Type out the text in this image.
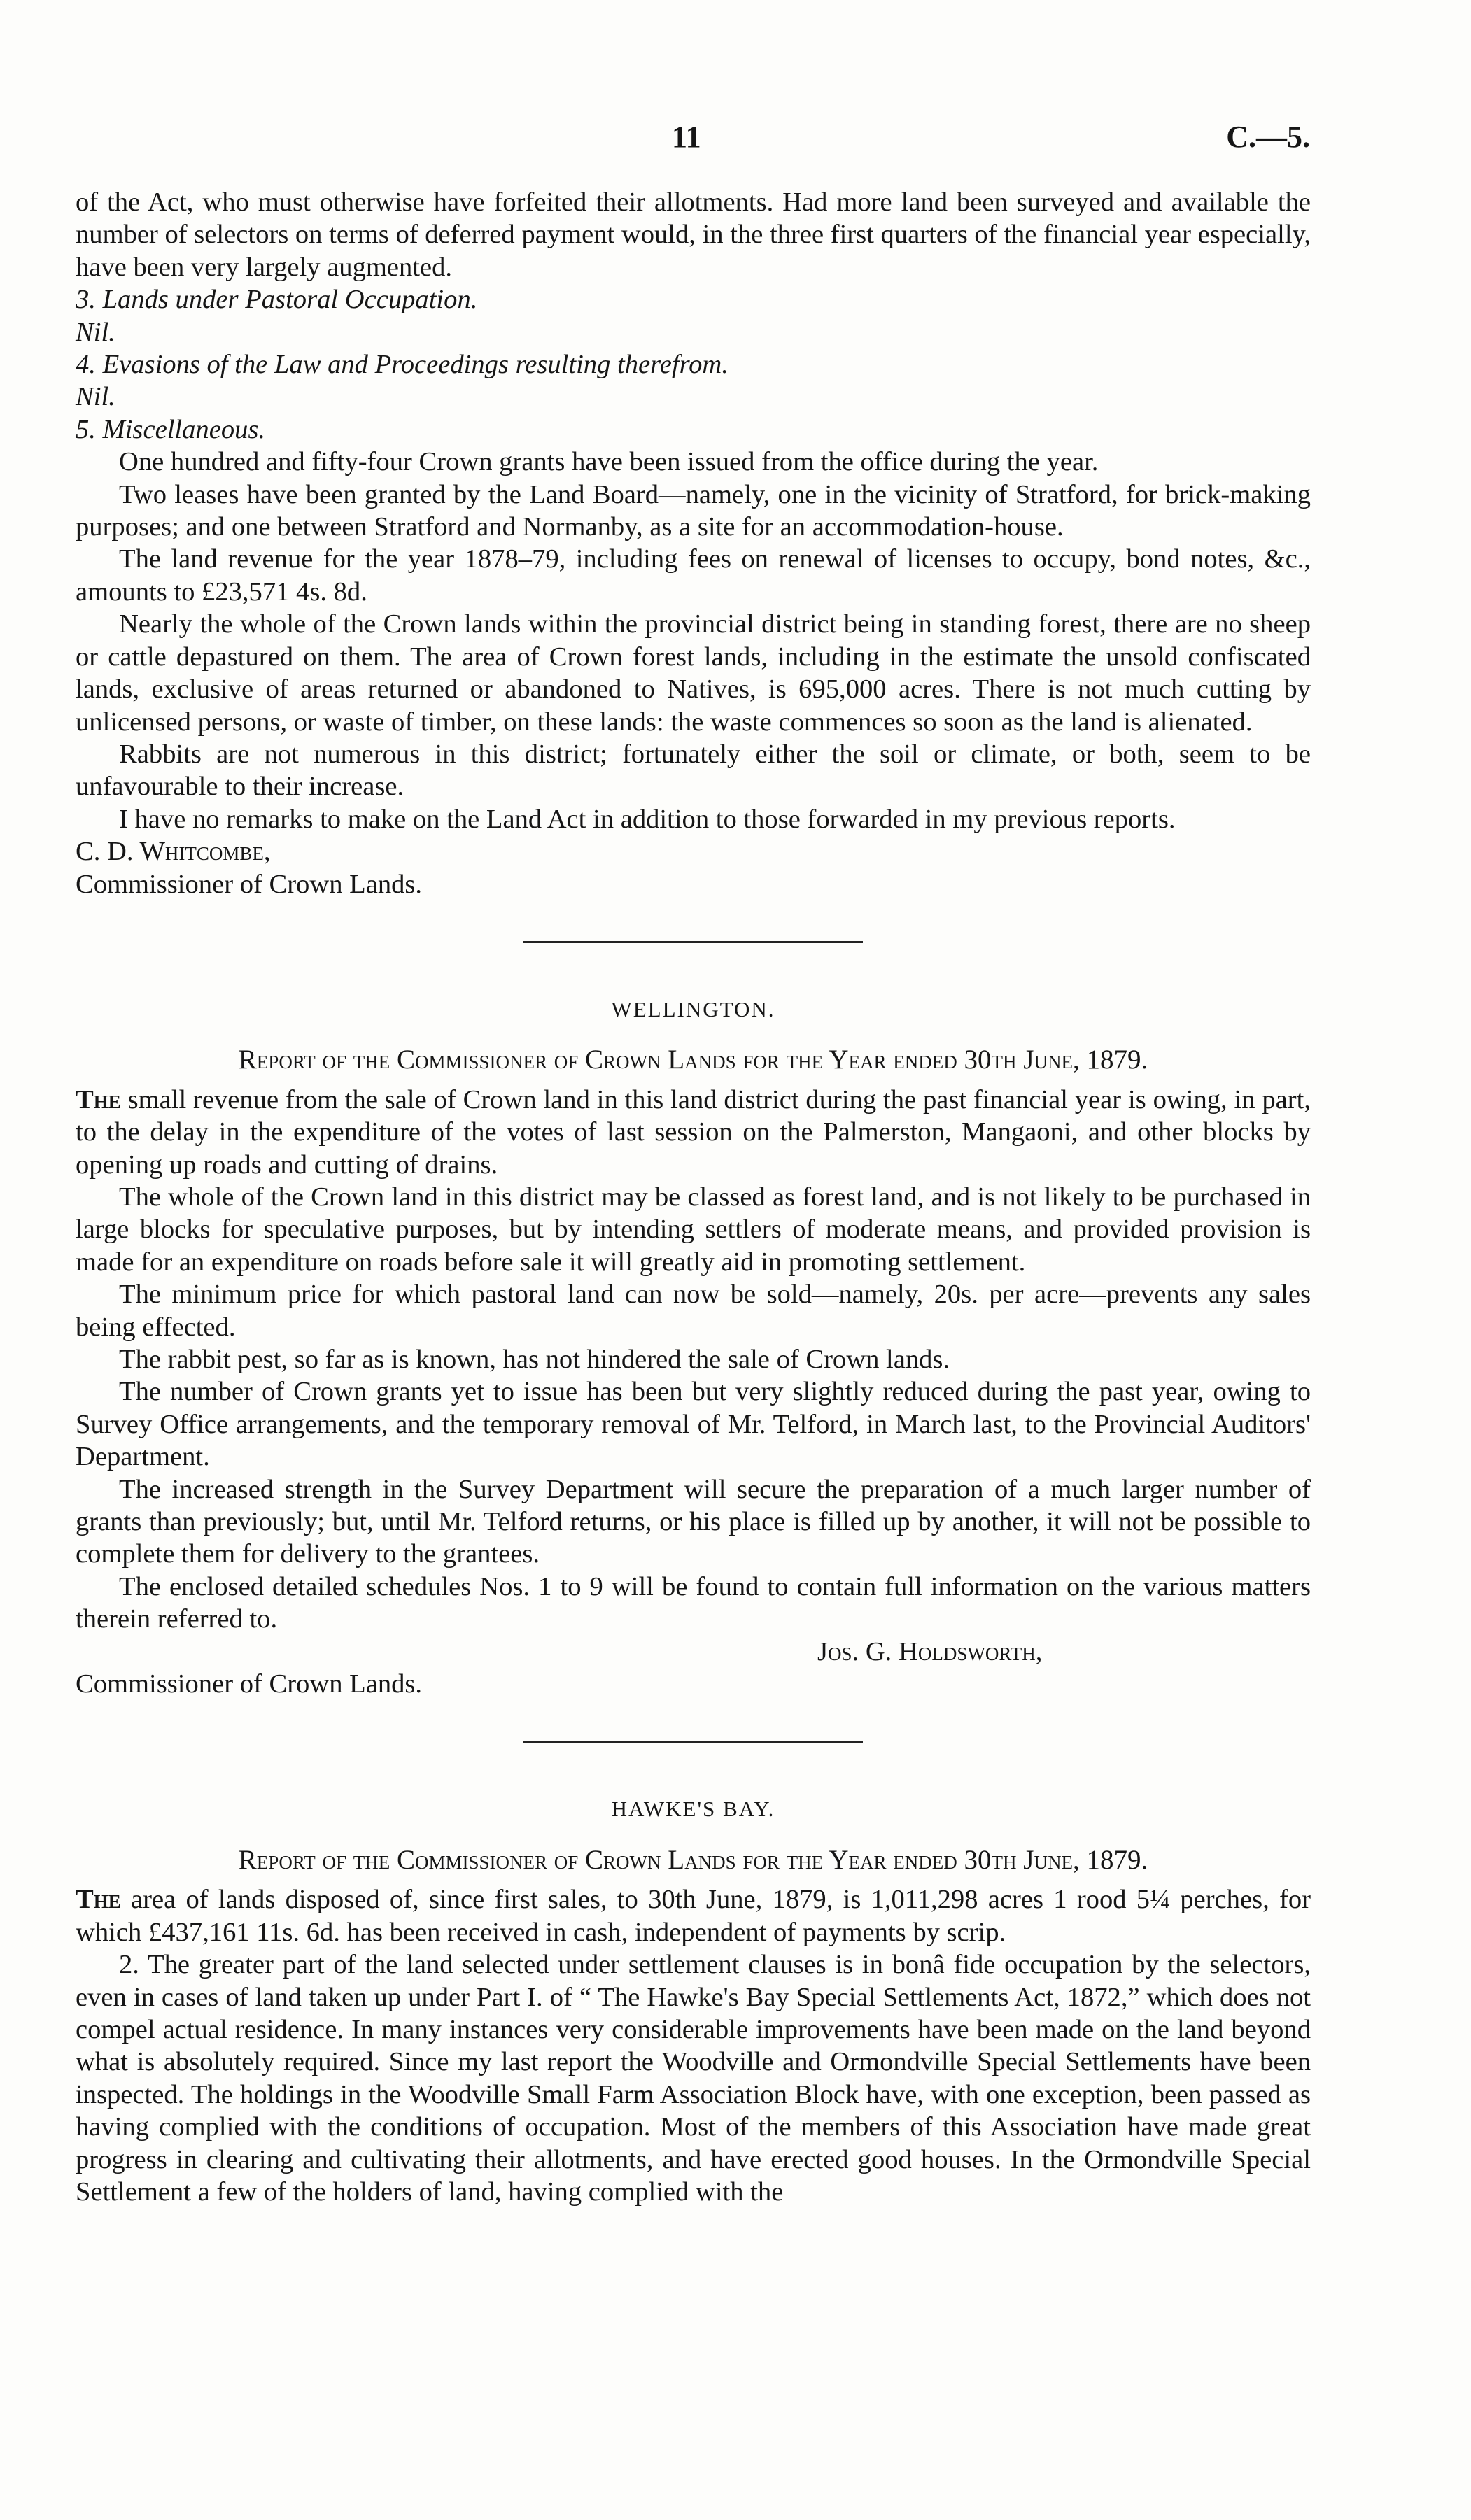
11	C.—5.

of the Act, who must otherwise have forfeited their allotments. Had more land been surveyed and available the number of selectors on terms of deferred payment would, in the three first quarters of the financial year especially, have been very largely augmented.

3. Lands under Pastoral Occupation.

Nil.

4. Evasions of the Law and Proceedings resulting therefrom.

Nil.

5. Miscellaneous.

One hundred and fifty-four Crown grants have been issued from the office during the year.

Two leases have been granted by the Land Board—namely, one in the vicinity of Stratford, for brick-making purposes; and one between Stratford and Normanby, as a site for an accommodation-house.

The land revenue for the year 1878–79, including fees on renewal of licenses to occupy, bond notes, &c., amounts to £23,571 4s. 8d.

Nearly the whole of the Crown lands within the provincial district being in standing forest, there are no sheep or cattle depastured on them. The area of Crown forest lands, including in the estimate the unsold confiscated lands, exclusive of areas returned or abandoned to Natives, is 695,000 acres. There is not much cutting by unlicensed persons, or waste of timber, on these lands: the waste commences so soon as the land is alienated.

Rabbits are not numerous in this district; fortunately either the soil or climate, or both, seem to be unfavourable to their increase.

I have no remarks to make on the Land Act in addition to those forwarded in my previous reports.

C. D. Whitcombe,

Commissioner of Crown Lands.

WELLINGTON.
Report of the Commissioner of Crown Lands for the Year ended 30th June, 1879.

The small revenue from the sale of Crown land in this land district during the past financial year is owing, in part, to the delay in the expenditure of the votes of last session on the Palmerston, Mangaoni, and other blocks by opening up roads and cutting of drains.

The whole of the Crown land in this district may be classed as forest land, and is not likely to be purchased in large blocks for speculative purposes, but by intending settlers of moderate means, and provided provision is made for an expenditure on roads before sale it will greatly aid in promoting settlement.

The minimum price for which pastoral land can now be sold—namely, 20s. per acre—prevents any sales being effected.

The rabbit pest, so far as is known, has not hindered the sale of Crown lands.

The number of Crown grants yet to issue has been but very slightly reduced during the past year, owing to Survey Office arrangements, and the temporary removal of Mr. Telford, in March last, to the Provincial Auditors' Department.

The increased strength in the Survey Department will secure the preparation of a much larger number of grants than previously; but, until Mr. Telford returns, or his place is filled up by another, it will not be possible to complete them for delivery to the grantees.

The enclosed detailed schedules Nos. 1 to 9 will be found to contain full information on the various matters therein referred to.

Jos. G. Holdsworth,

Commissioner of Crown Lands.

HAWKE'S BAY.
Report of the Commissioner of Crown Lands for the Year ended 30th June, 1879.

The area of lands disposed of, since first sales, to 30th June, 1879, is 1,011,298 acres 1 rood 5¼ perches, for which £437,161 11s. 6d. has been received in cash, independent of payments by scrip.

2. The greater part of the land selected under settlement clauses is in bonâ fide occupation by the selectors, even in cases of land taken up under Part I. of “ The Hawke's Bay Special Settlements Act, 1872,” which does not compel actual residence. In many instances very considerable improvements have been made on the land beyond what is absolutely required. Since my last report the Woodville and Ormondville Special Settlements have been inspected. The holdings in the Woodville Small Farm Association Block have, with one exception, been passed as having complied with the conditions of occupation. Most of the members of this Association have made great progress in clearing and cultivating their allotments, and have erected good houses. In the Ormondville Special Settlement a few of the holders of land, having complied with the
